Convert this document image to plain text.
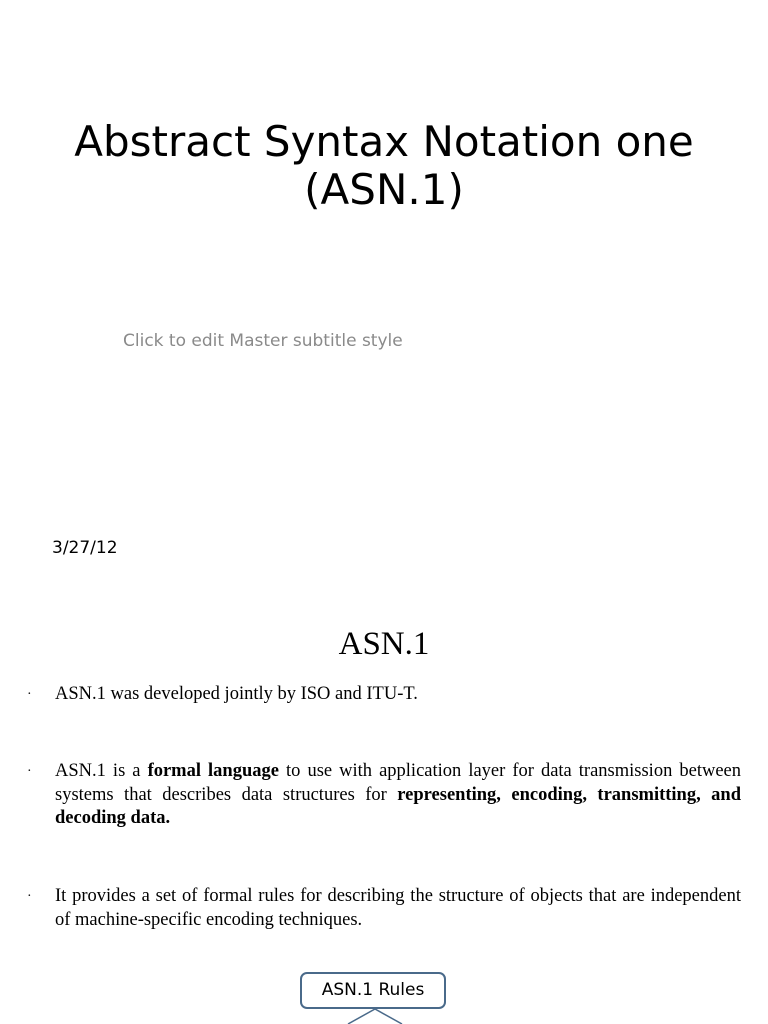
Abstract Syntax Notation one
(ASN.1)
Click to edit Master subtitle style
3/27/12
ASN.1
· ASN.1 was developed jointly by ISO and ITU-T.
· ASN.1 is a formal language to use with application layer for data transmission between systems that describes data structures for representing, encoding, transmitting, and decoding data.
· It provides a set of formal rules for describing the structure of objects that are independent of machine-specific encoding techniques.
ASN.1 Rules
